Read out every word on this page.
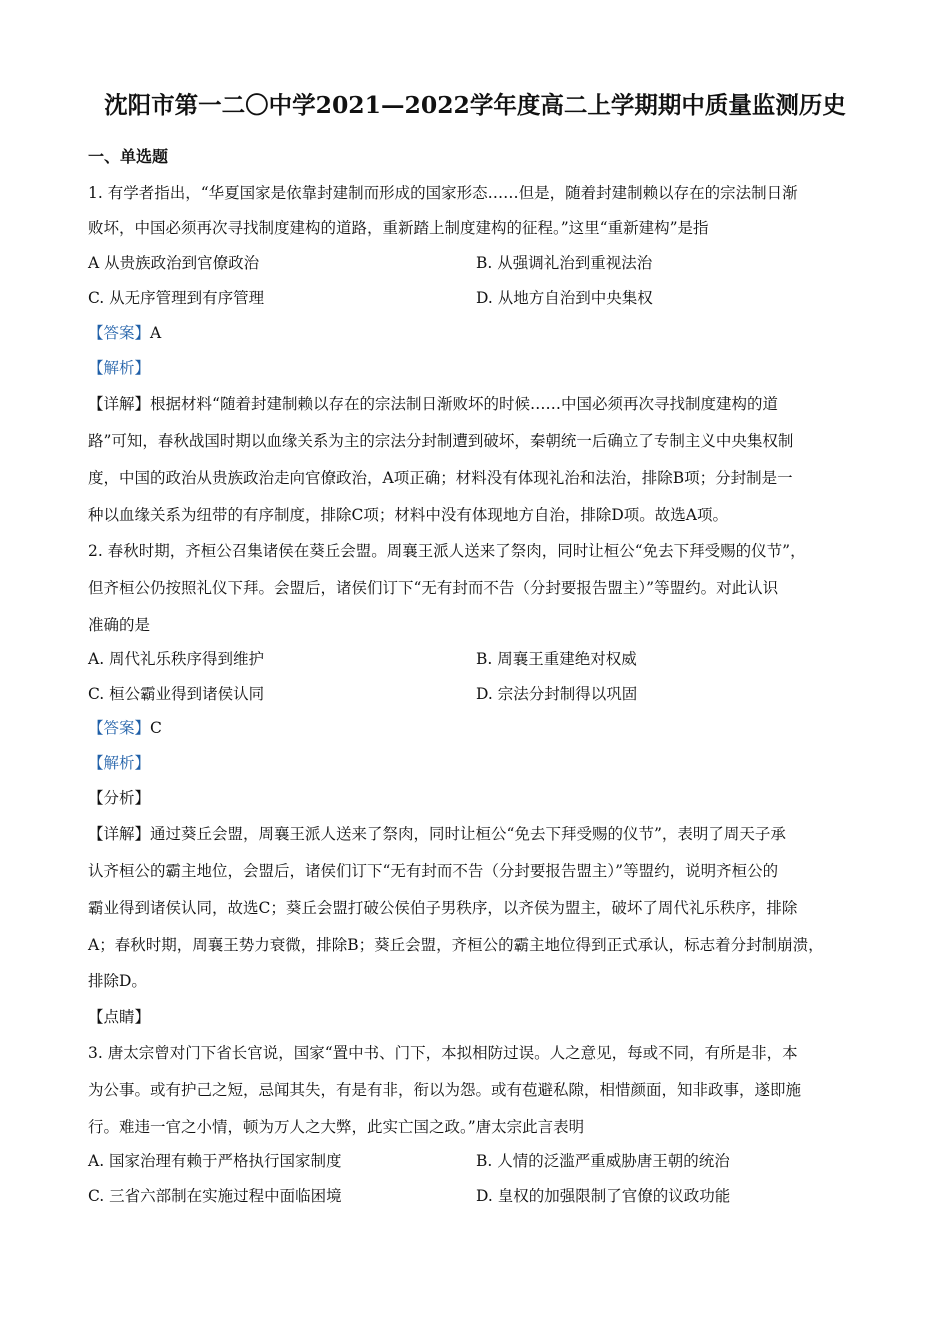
沈阳市第一二〇中学2021—2022学年度高二上学期期中质量监测历史
一、单选题
1. 有学者指出，“华夏国家是依靠封建制而形成的国家形态……但是，随着封建制赖以存在的宗法制日渐
败坏，中国必须再次寻找制度建构的道路，重新踏上制度建构的征程。”这里“重新建构”是指
A 从贵族政治到官僚政治	B. 从强调礼治到重视法治
C. 从无序管理到有序管理	D. 从地方自治到中央集权
【答案】A
【解析】
【详解】根据材料“随着封建制赖以存在的宗法制日渐败坏的时候……中国必须再次寻找制度建构的道
路”可知，春秋战国时期以血缘关系为主的宗法分封制遭到破坏，秦朝统一后确立了专制主义中央集权制
度，中国的政治从贵族政治走向官僚政治，A项正确；材料没有体现礼治和法治，排除B项；分封制是一
种以血缘关系为纽带的有序制度，排除C项；材料中没有体现地方自治，排除D项。故选A项。
2. 春秋时期，齐桓公召集诸侯在葵丘会盟。周襄王派人送来了祭肉，同时让桓公“免去下拜受赐的仪节”，
但齐桓公仍按照礼仪下拜。会盟后，诸侯们订下“无有封而不告（分封要报告盟主）”等盟约。对此认识
准确的是
A. 周代礼乐秩序得到维护	B. 周襄王重建绝对权威
C. 桓公霸业得到诸侯认同	D. 宗法分封制得以巩固
【答案】C
【解析】
【分析】
【详解】通过葵丘会盟，周襄王派人送来了祭肉，同时让桓公“免去下拜受赐的仪节”，表明了周天子承
认齐桓公的霸主地位，会盟后，诸侯们订下“无有封而不告（分封要报告盟主）”等盟约，说明齐桓公的
霸业得到诸侯认同，故选C；葵丘会盟打破公侯伯子男秩序，以齐侯为盟主，破坏了周代礼乐秩序，排除
A；春秋时期，周襄王势力衰微，排除B；葵丘会盟，齐桓公的霸主地位得到正式承认，标志着分封制崩溃，
排除D。
【点睛】
3. 唐太宗曾对门下省长官说，国家“置中书、门下，本拟相防过误。人之意见，每或不同，有所是非，本
为公事。或有护己之短，忌闻其失，有是有非，衔以为怨。或有苞避私隙，相惜颜面，知非政事，遂即施
行。难违一官之小情，顿为万人之大弊，此实亡国之政。”唐太宗此言表明
A. 国家治理有赖于严格执行国家制度	B. 人情的泛滥严重威胁唐王朝的统治
C. 三省六部制在实施过程中面临困境	D. 皇权的加强限制了官僚的议政功能
